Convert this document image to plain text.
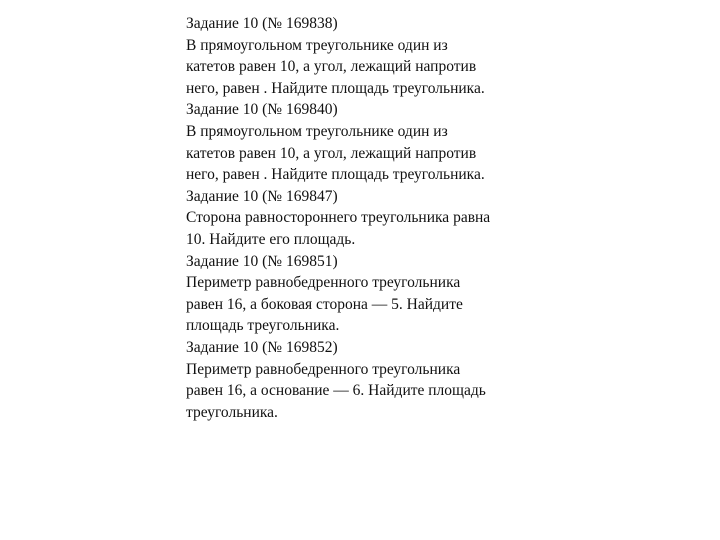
Задание 10 (№ 169838)
В прямоугольном треугольнике один из
катетов равен 10, а угол, лежащий напротив
него, равен . Найдите площадь треугольника.
Задание 10 (№ 169840)
В прямоугольном треугольнике один из
катетов равен 10, а угол, лежащий напротив
него, равен . Найдите площадь треугольника.
Задание 10 (№ 169847)
Сторона равностороннего треугольника равна
10. Найдите его площадь.
Задание 10 (№ 169851)
Периметр равнобедренного треугольника
равен 16, а боковая сторона — 5. Найдите
площадь треугольника.
Задание 10 (№ 169852)
Периметр равнобедренного треугольника
равен 16, а основание — 6. Найдите площадь
треугольника.
